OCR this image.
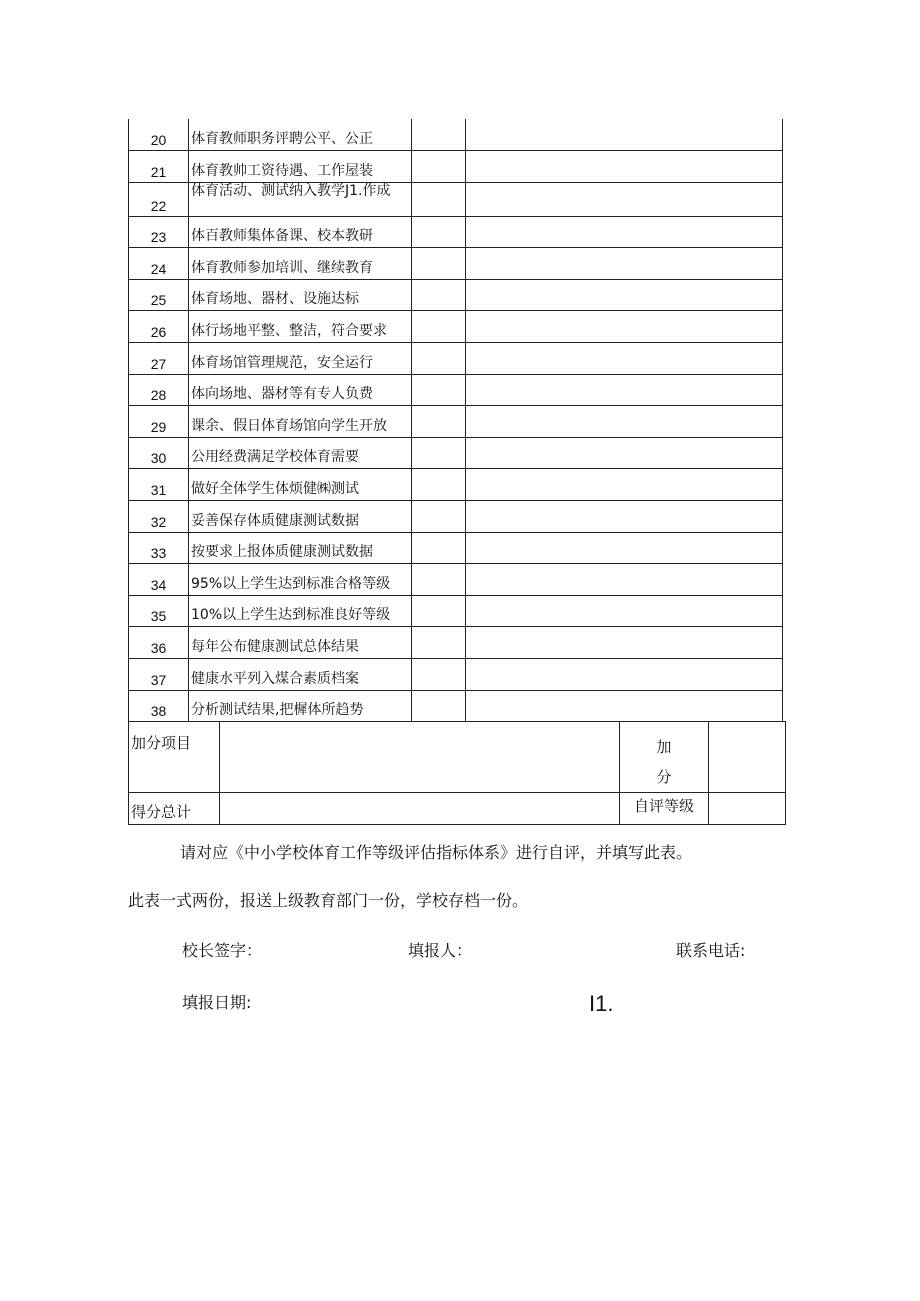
20	体育教师职务评聘公平、公正		
21	体育教帅工资待遇、工作屋装		
22	体育活动、测试纳入教学J1.作成		

23	体百教师集体备课、校本教研		
24	体育教师参加培训、继续教育		
25	体育场地、器材、设施达标		
26	体行场地平整、整洁，符合要求		
27	体育场馆管理规范，安全运行		
28	体向场地、器材等有专人负费		
29	课余、假日体育场馆向学生开放		
30	公用经费满足学校体育需要		
31	做好全体学生体烦健㈱测试		
32	妥善保存体质健康测试数据		
33	按要求上报体质健康测试数据		
34	95%以上学生达到标准合格等级		
35	10%以上学生达到标准良好等级		
36	每年公布健康测试总体结果		
37	健康水平列入煤合素质档案		
38	分析测试结果,把樨体所趋势		
加分项目		加
分	

得分总计		自评等级	
请对应《中小学校体育工作等级评估指标体系》进行自评，并填写此表。
此表一式两份，报送上级教育部门一份，学校存档一份。
校长签字：	填报人：	联系电话:
填报日期:	I1.
